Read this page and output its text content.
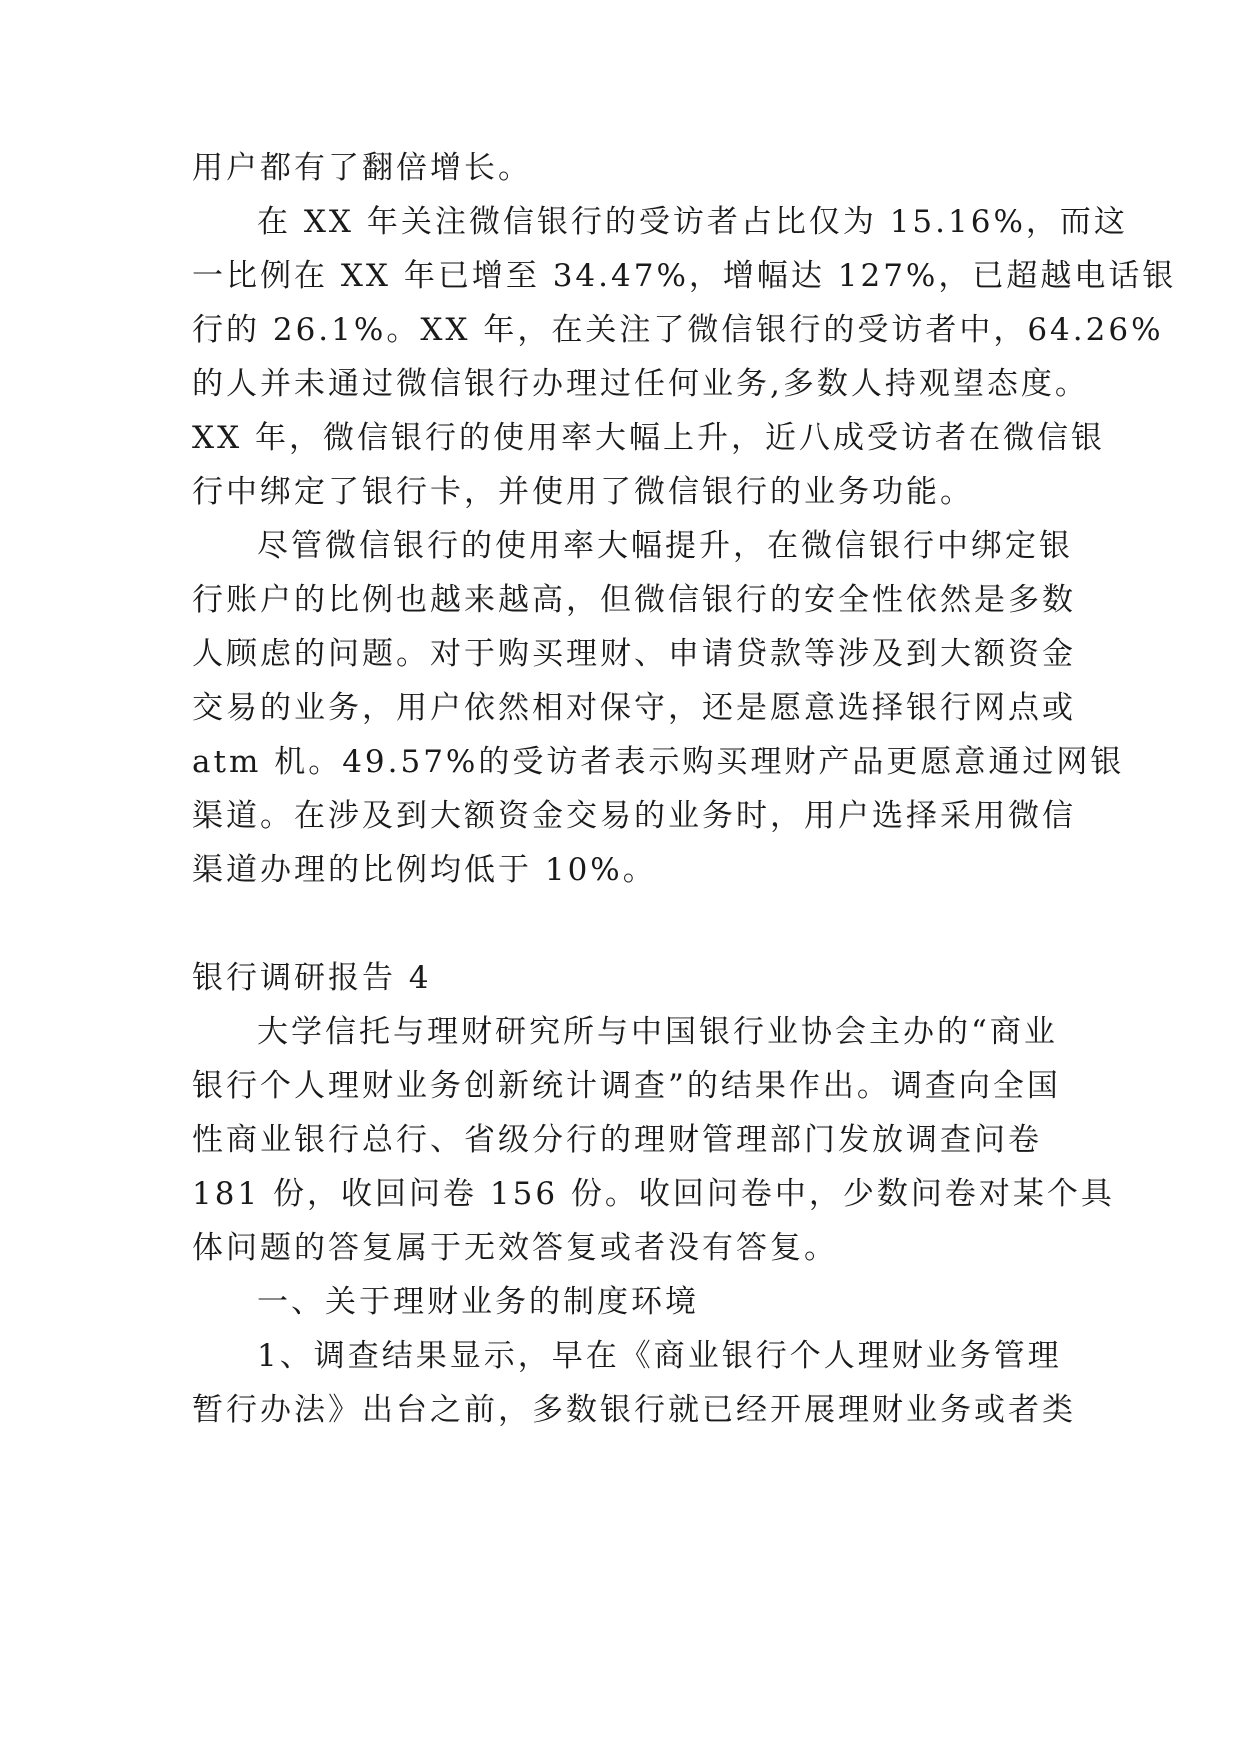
用户都有了翻倍增长。

在 XX 年关注微信银行的受访者占比仅为 15.16%，而这

一比例在 XX 年已增至 34.47%，增幅达 127%，已超越电话银

行的 26.1%。XX 年，在关注了微信银行的受访者中，64.26%

的人并未通过微信银行办理过任何业务,多数人持观望态度。

XX 年，微信银行的使用率大幅上升，近八成受访者在微信银

行中绑定了银行卡，并使用了微信银行的业务功能。

尽管微信银行的使用率大幅提升，在微信银行中绑定银

行账户的比例也越来越高，但微信银行的安全性依然是多数

人顾虑的问题。对于购买理财、申请贷款等涉及到大额资金

交易的业务，用户依然相对保守，还是愿意选择银行网点或

atm 机。49.57%的受访者表示购买理财产品更愿意通过网银

渠道。在涉及到大额资金交易的业务时，用户选择采用微信

渠道办理的比例均低于 10%。

银行调研报告 4

大学信托与理财研究所与中国银行业协会主办的“商业

银行个人理财业务创新统计调查”的结果作出。调查向全国

性商业银行总行、省级分行的理财管理部门发放调查问卷

181 份，收回问卷 156 份。收回问卷中，少数问卷对某个具

体问题的答复属于无效答复或者没有答复。

一、关于理财业务的制度环境

1、调查结果显示，早在《商业银行个人理财业务管理

暂行办法》出台之前，多数银行就已经开展理财业务或者类
